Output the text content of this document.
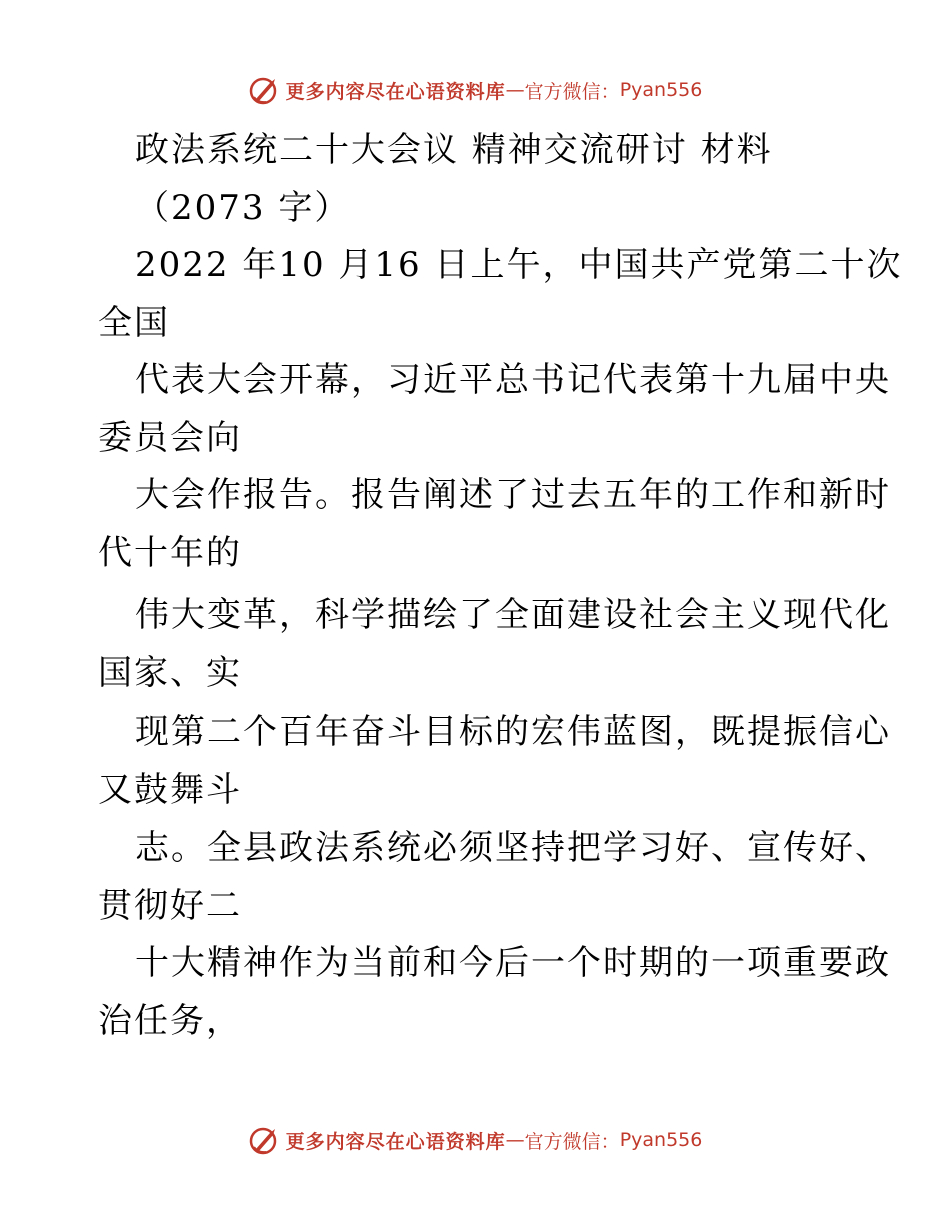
更多内容尽在心语资料库 — 官方微信： Pyan556
政法系统二十大会议 精神交流研讨 材料
（2073 字）
2022 年10 月16 日上午，中国共产党第二十次
全国
代表大会开幕，习近平总书记代表第十九届中央
委员会向
大会作报告。报告阐述了过去五年的工作和新时
代十年的
伟大变革，科学描绘了全面建设社会主义现代化
国家、实
现第二个百年奋斗目标的宏伟蓝图，既提振信心
又鼓舞斗
志。全县政法系统必须坚持把学习好、宣传好、
贯彻好二
十大精神作为当前和今后一个时期的一项重要政
治任务，
更多内容尽在心语资料库 — 官方微信： Pyan556
